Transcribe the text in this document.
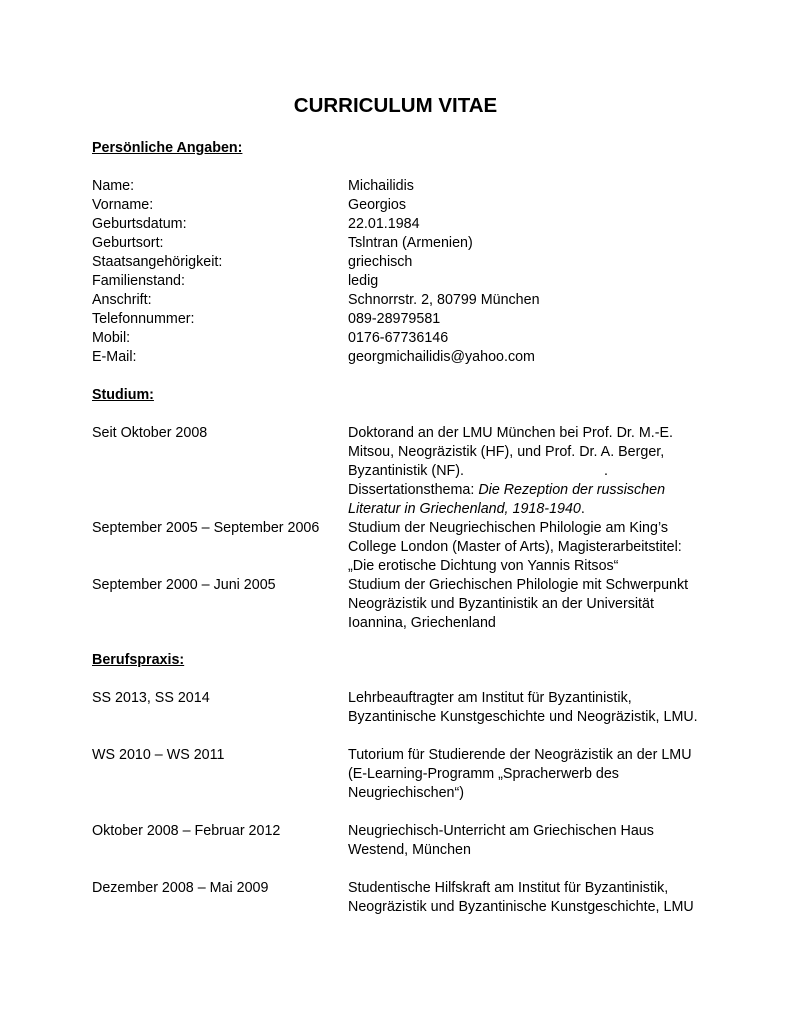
CURRICULUM VITAE
Persönliche Angaben:
Name:	Michailidis
Vorname:	Georgios
Geburtsdatum:	22.01.1984
Geburtsort:	Tslntran (Armenien)
Staatsangehörigkeit:	griechisch
Familienstand:	ledig
Anschrift:	Schnorrstr. 2, 80799 München
Telefonnummer:	089-28979581
Mobil:	0176-67736146
E-Mail:	georgmichailidis@yahoo.com
Studium:
Seit Oktober 2008	Doktorand an der LMU München bei Prof. Dr. M.-E.
Mitsou, Neogräzistik (HF), und Prof. Dr. A. Berger,
Byzantinistik (NF).	.
Dissertationsthema: Die Rezeption der russischen
Literatur in Griechenland, 1918-1940.
September 2005 – September 2006	Studium der Neugriechischen Philologie am King’s
College London (Master of Arts), Magisterarbeitstitel:
„Die erotische Dichtung von Yannis Ritsos“
September 2000 – Juni 2005	Studium der Griechischen Philologie mit Schwerpunkt
Neogräzistik und Byzantinistik an der Universität
Ioannina, Griechenland
Berufspraxis:
SS 2013, SS 2014	Lehrbeauftragter am Institut für Byzantinistik,
Byzantinische Kunstgeschichte und Neogräzistik, LMU.
WS 2010 – WS 2011	Tutorium für Studierende der Neogräzistik an der LMU
(E-Learning-Programm „Spracherwerb des
Neugriechischen“)
Oktober 2008 – Februar 2012	Neugriechisch-Unterricht am Griechischen Haus
Westend, München
Dezember 2008 – Mai 2009	Studentische Hilfskraft am Institut für Byzantinistik,
Neogräzistik und Byzantinische Kunstgeschichte, LMU
